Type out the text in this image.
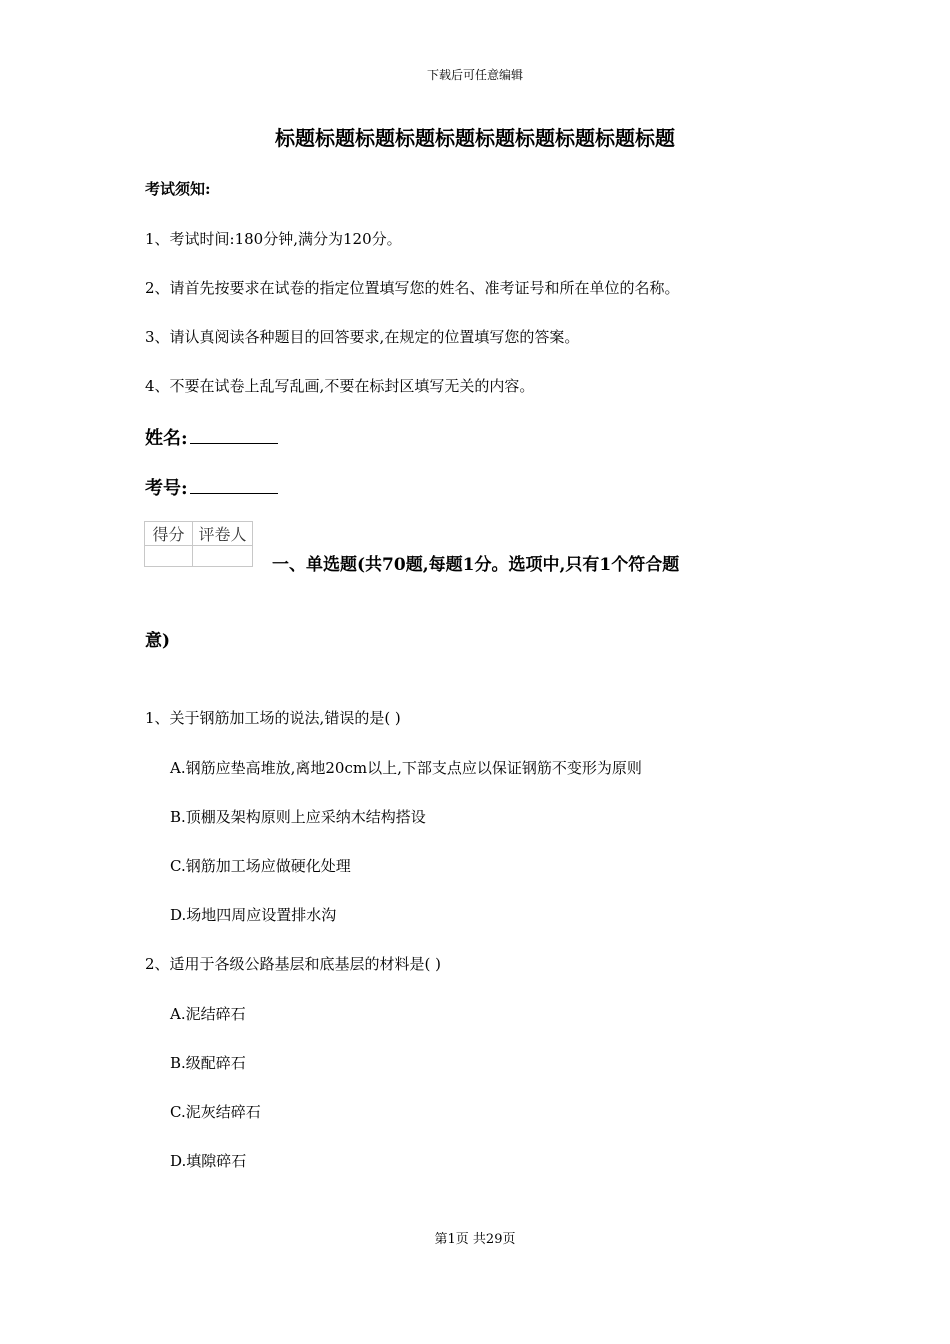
下载后可任意编辑
标题标题标题标题标题标题标题标题标题标题
考试须知:
1、考试时间:180分钟,满分为120分。
2、请首先按要求在试卷的指定位置填写您的姓名、准考证号和所在单位的名称。
3、请认真阅读各种题目的回答要求,在规定的位置填写您的答案。
4、不要在试卷上乱写乱画,不要在标封区填写无关的内容。
姓名:
考号:
得分	评卷人

一、单选题(共70题,每题1分。选项中,只有1个符合题
意)
1、关于钢筋加工场的说法,错误的是( )
A.钢筋应垫高堆放,离地20cm以上,下部支点应以保证钢筋不变形为原则
B.顶棚及架构原则上应采纳木结构搭设
C.钢筋加工场应做硬化处理
D.场地四周应设置排水沟
2、适用于各级公路基层和底基层的材料是( )
A.泥结碎石
B.级配碎石
C.泥灰结碎石
D.填隙碎石
第1页 共29页
